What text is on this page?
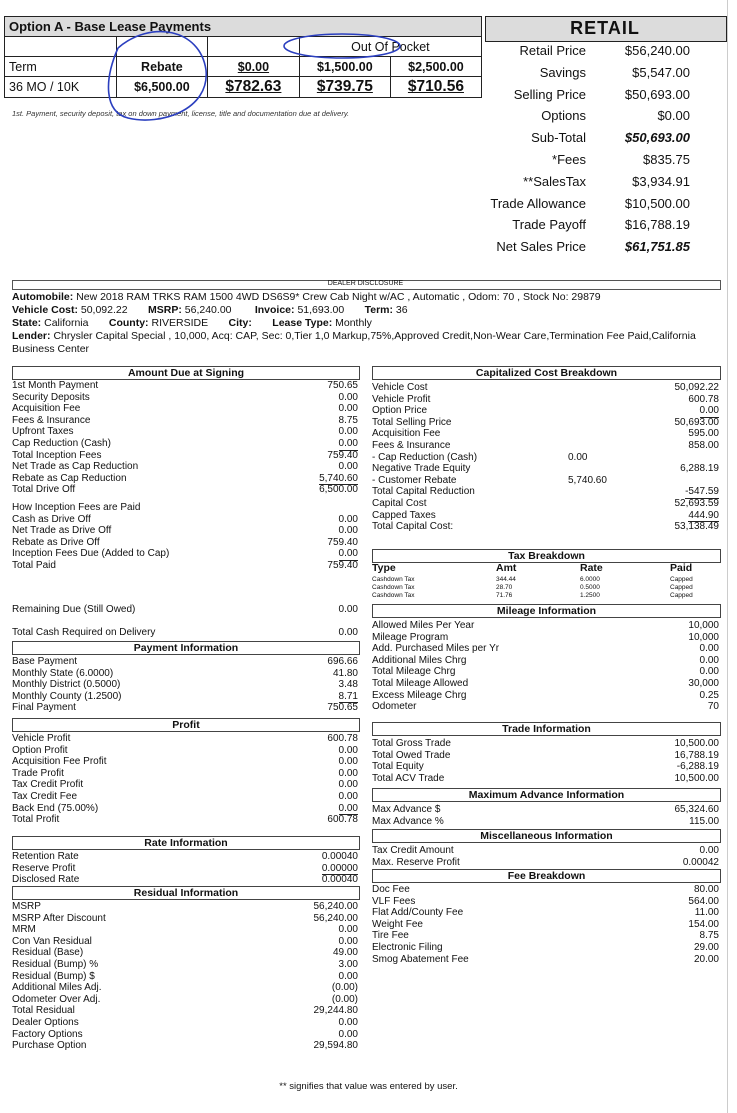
Option A - Base Lease Payments				
			Out Of Pocket	
Term	Rebate	$0.00	$1,500.00	$2,500.00
36 MO / 10K	$6,500.00	$782.63	$739.75	$710.56
1st. Payment, security deposit, tax on down payment, license, title and documentation due at delivery.
RETAIL
Retail Price	$56,240.00
Savings	$5,547.00
Selling Price	$50,693.00
Options	$0.00
Sub-Total	$50,693.00
*Fees	$835.75
**SalesTax	$3,934.91
Trade Allowance	$10,500.00
Trade Payoff	$16,788.19
Net Sales Price	$61,751.85
DEALER DISCLOSURE
Automobile: New 2018 RAM TRKS RAM 1500 4WD DS6S9* Crew Cab Night w/AC , Automatic , Odom: 70 , Stock No: 29879
Vehicle Cost: 50,092.22 MSRP: 56,240.00 Invoice: 51,693.00 Term: 36
State: California County: RIVERSIDE City: Lease Type: Monthly
Lender: Chrysler Capital Special , 10,000, Acq: CAP, Sec: 0,Tier 1,0 Markup,75%,Approved Credit,Non-Wear Care,Termination Fee Paid,California Business Center
Amount Due at Signing
1st Month Payment	750.65
Security Deposits	0.00
Acquisition Fee	0.00
Fees & Insurance	8.75
Upfront Taxes	0.00
Cap Reduction (Cash)	0.00
Total Inception Fees	759.40
Net Trade as Cap Reduction	0.00
Rebate as Cap Reduction	5,740.60
Total Drive Off	6,500.00
How Inception Fees are Paid
Cash as Drive Off	0.00
Net Trade as Drive Off	0.00
Rebate as Drive Off	759.40
Inception Fees Due (Added to Cap)	0.00
Total Paid	759.40
Remaining Due (Still Owed)	0.00
Total Cash Required on Delivery	0.00
Payment Information
Base Payment	696.66
Monthly State (6.0000)	41.80
Monthly District (0.5000)	3.48
Monthly County (1.2500)	8.71
Final Payment	750.65
Profit
Vehicle Profit	600.78
Option Profit	0.00
Acquisition Fee Profit	0.00
Trade Profit	0.00
Tax Credit Profit	0.00
Tax Credit Fee	0.00
Back End (75.00%)	0.00
Total Profit	600.78
Rate Information
Retention Rate	0.00040
Reserve Profit	0.00000
Disclosed Rate	0.00040
Residual Information
MSRP	56,240.00
MSRP After Discount	56,240.00
MRM	0.00
Con Van Residual	0.00
Residual (Base)	49.00
Residual (Bump) %	3.00
Residual (Bump) $	0.00
Additional Miles Adj.	(0.00)
Odometer Over Adj.	(0.00)
Total Residual	29,244.80
Dealer Options	0.00
Factory Options	0.00
Purchase Option	29,594.80
Capitalized Cost Breakdown
Vehicle Cost	50,092.22
Vehicle Profit	600.78
Option Price	0.00
Total Selling Price	50,693.00
Acquisition Fee	595.00
Fees & Insurance	858.00
- Cap Reduction (Cash)	0.00
Negative Trade Equity	6,288.19
- Customer Rebate	5,740.60
Total Capital Reduction	-547.59
Capital Cost	52,693.59
Capped Taxes	444.90
Total Capital Cost:	53,138.49
Tax Breakdown
Type	Amt	Rate	Paid
Cashdown Tax	344.44	6.0000	Capped
Cashdown Tax	28.70	0.5000	Capped
Cashdown Tax	71.76	1.2500	Capped
Mileage Information
Allowed Miles Per Year	10,000
Mileage Program	10,000
Add. Purchased Miles per Yr	0.00
Additional Miles Chrg	0.00
Total Mileage Chrg	0.00
Total Mileage Allowed	30,000
Excess Mileage Chrg	0.25
Odometer	70
Trade Information
Total Gross Trade	10,500.00
Total Owed Trade	16,788.19
Total Equity	-6,288.19
Total ACV Trade	10,500.00
Maximum Advance Information
Max Advance $	65,324.60
Max Advance %	115.00
Miscellaneous Information
Tax Credit Amount	0.00
Max. Reserve Profit	0.00042
Fee Breakdown
Doc Fee	80.00
VLF Fees	564.00
Flat Add/County Fee	11.00
Weight Fee	154.00
Tire Fee	8.75
Electronic Filing	29.00
Smog Abatement Fee	20.00
** signifies that value was entered by user.
